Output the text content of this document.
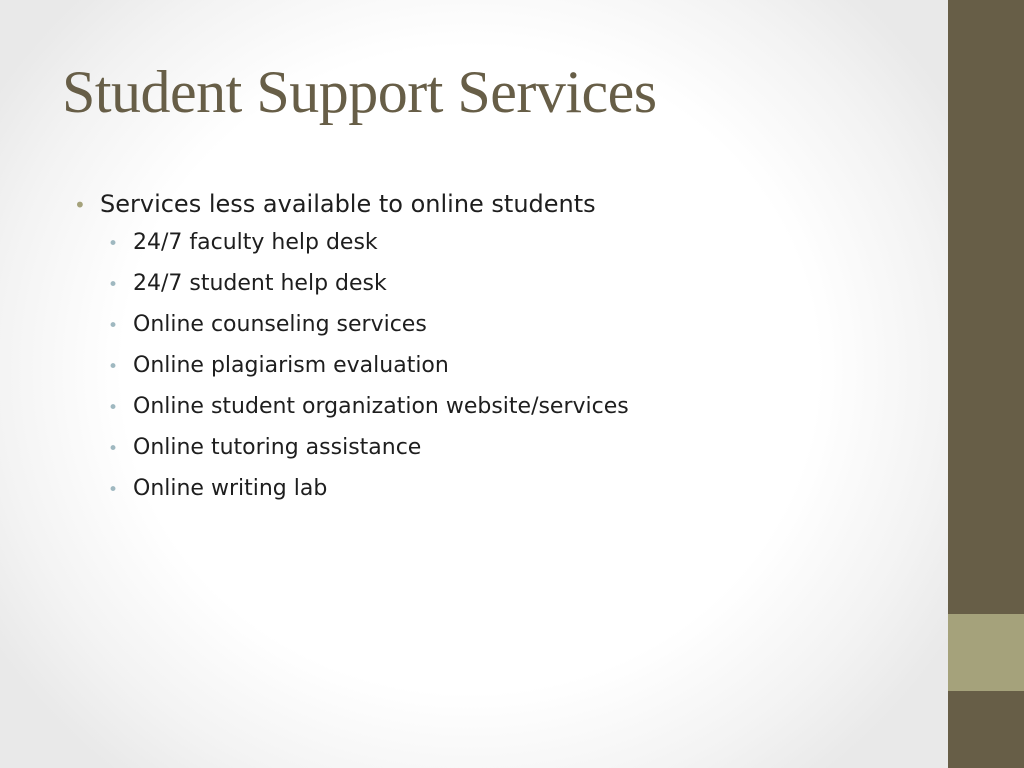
Student Support Services
• Services less available to online students
• 24/7 faculty help desk
• 24/7 student help desk
• Online counseling services
• Online plagiarism evaluation
• Online student organization website/services
• Online tutoring assistance
• Online writing lab
